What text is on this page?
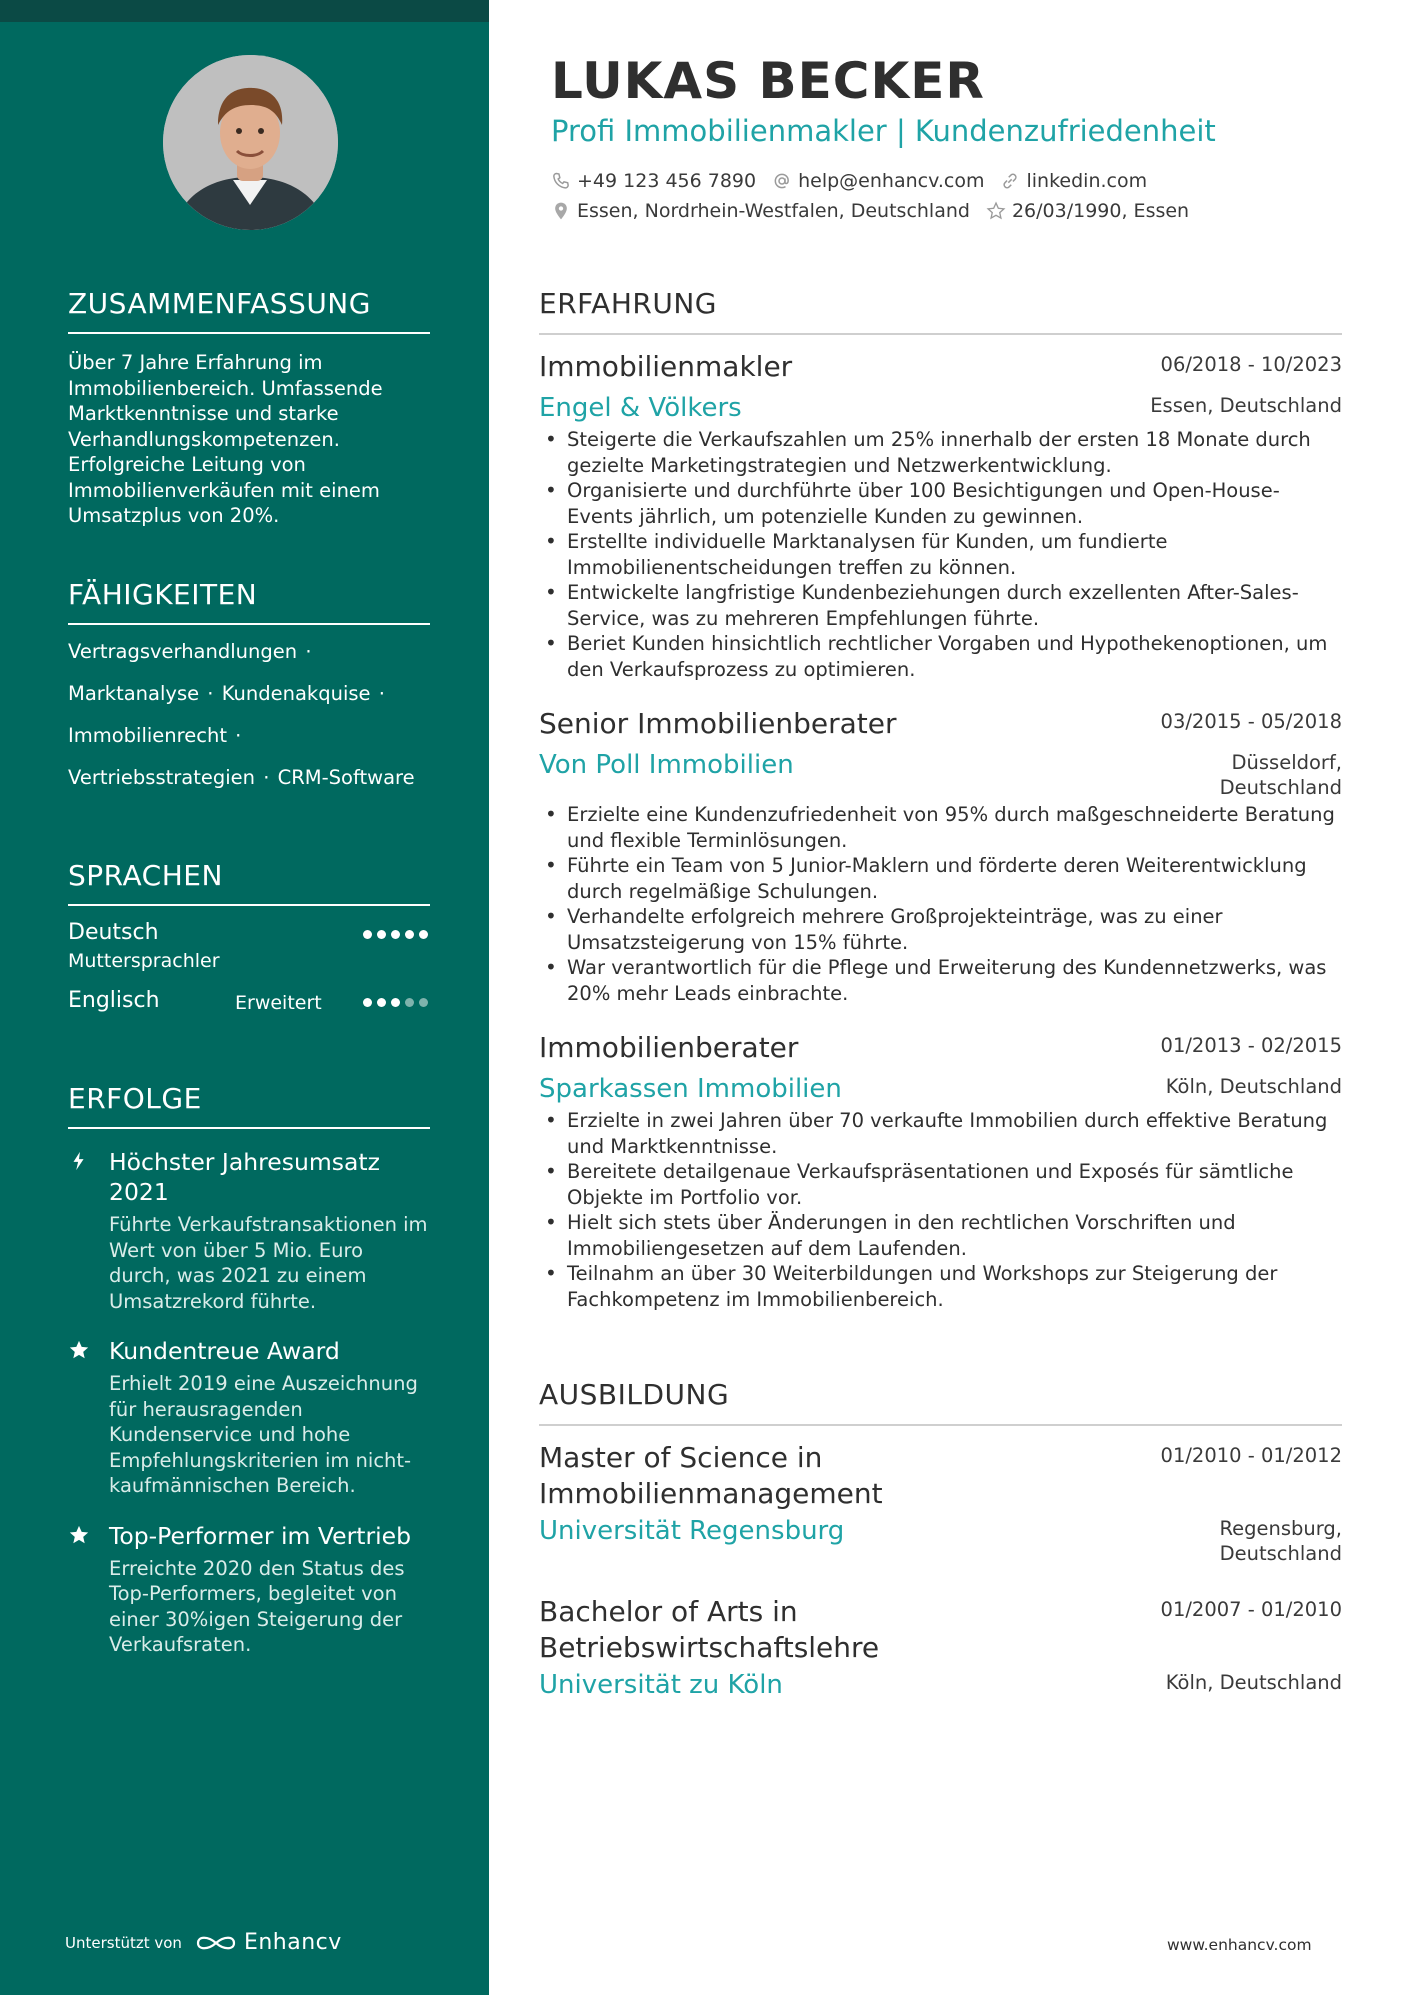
ZUSAMMENFASSUNG

Über 7 Jahre Erfahrung im Immobilienbereich. Umfassende Marktkenntnisse und starke Verhandlungskompetenzen. Erfolgreiche Leitung von Immobilienverkäufen mit einem Umsatzplus von 20%.

FÄHIGKEITEN
Vertragsverhandlungen ·
Marktanalyse · Kundenakquise ·
Immobilienrecht ·
Vertriebsstrategien · CRM-Software
SPRACHEN
Deutsch
Muttersprachler
Englisch	Erweitert
ERFOLGE
Höchster Jahresumsatz 2021
Führte Verkaufstransaktionen im Wert von über 5 Mio. Euro durch, was 2021 zu einem Umsatzrekord führte.
Kundentreue Award
Erhielt 2019 eine Auszeichnung für herausragenden Kundenservice und hohe Empfehlungskriterien im nicht-kaufmännischen Bereich.
Top-Performer im Vertrieb
Erreichte 2020 den Status des Top-Performers, begleitet von einer 30%igen Steigerung der Verkaufsraten.
Unterstützt von	Enhancv
LUKAS BECKER
Profi Immobilienmakler | Kundenzufriedenheit
+49 123 456 7890 help@enhancv.com linkedin.com
Essen, Nordrhein-Westfalen, Deutschland 26/03/1990, Essen
ERFAHRUNG
Immobilienmakler	06/2018 - 10/2023
Engel & Völkers	Essen, Deutschland
• Steigerte die Verkaufszahlen um 25% innerhalb der ersten 18 Monate durch gezielte Marketingstrategien und Netzwerkentwicklung.
• Organisierte und durchführte über 100 Besichtigungen und Open-House-Events jährlich, um potenzielle Kunden zu gewinnen.
• Erstellte individuelle Marktanalysen für Kunden, um fundierte Immobilienentscheidungen treffen zu können.
• Entwickelte langfristige Kundenbeziehungen durch exzellenten After-Sales-Service, was zu mehreren Empfehlungen führte.
• Beriet Kunden hinsichtlich rechtlicher Vorgaben und Hypothekenoptionen, um den Verkaufsprozess zu optimieren.
Senior Immobilienberater	03/2015 - 05/2018
Von Poll Immobilien	Düsseldorf, Deutschland
• Erzielte eine Kundenzufriedenheit von 95% durch maßgeschneiderte Beratung und flexible Terminlösungen.
• Führte ein Team von 5 Junior-Maklern und förderte deren Weiterentwicklung durch regelmäßige Schulungen.
• Verhandelte erfolgreich mehrere Großprojekteinträge, was zu einer Umsatzsteigerung von 15% führte.
• War verantwortlich für die Pflege und Erweiterung des Kundennetzwerks, was 20% mehr Leads einbrachte.
Immobilienberater	01/2013 - 02/2015
Sparkassen Immobilien	Köln, Deutschland
• Erzielte in zwei Jahren über 70 verkaufte Immobilien durch effektive Beratung und Marktkenntnisse.
• Bereitete detailgenaue Verkaufspräsentationen und Exposés für sämtliche Objekte im Portfolio vor.
• Hielt sich stets über Änderungen in den rechtlichen Vorschriften und Immobiliengesetzen auf dem Laufenden.
• Teilnahm an über 30 Weiterbildungen und Workshops zur Steigerung der Fachkompetenz im Immobilienbereich.
AUSBILDUNG
Master of Science in Immobilienmanagement
01/2010 - 01/2012
Universität Regensburg	Regensburg, Deutschland
Bachelor of Arts in Betriebswirtschaftslehre
01/2007 - 01/2010
Universität zu Köln	Köln, Deutschland
www.enhancv.com
